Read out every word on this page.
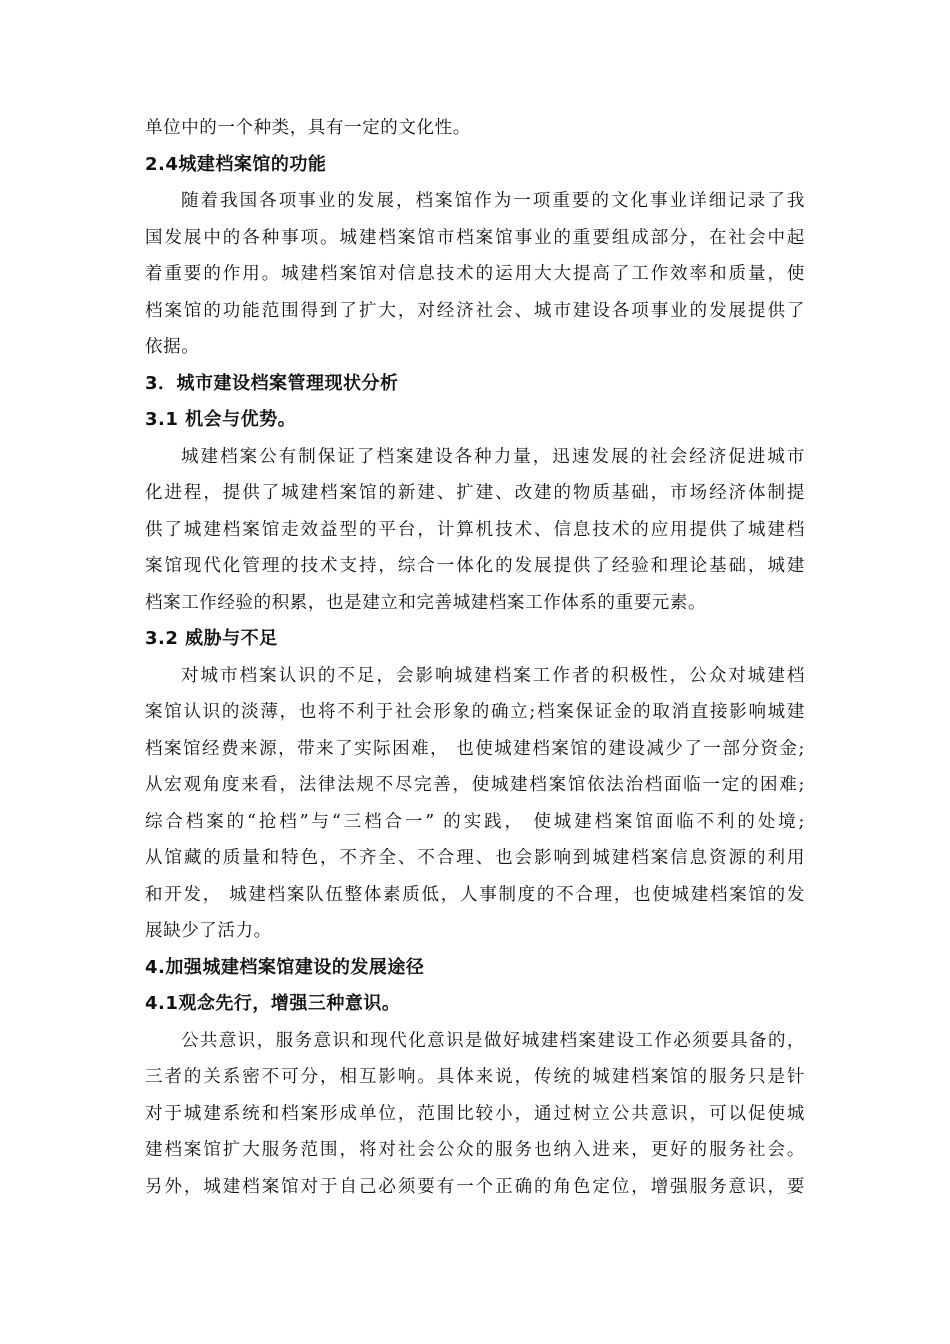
单位中的一个种类，具有一定的文化性。
2.4城建档案馆的功能
随着我国各项事业的发展，档案馆作为一项重要的文化事业详细记录了我
国发展中的各种事项。城建档案馆市档案馆事业的重要组成部分，在社会中起
着重要的作用。城建档案馆对信息技术的运用大大提高了工作效率和质量，使
档案馆的功能范围得到了扩大，对经济社会、城市建设各项事业的发展提供了
依据。
3．城市建设档案管理现状分析
3.1 机会与优势。
城建档案公有制保证了档案建设各种力量，迅速发展的社会经济促进城市
化进程，提供了城建档案馆的新建、扩建、改建的物质基础，市场经济体制提
供了城建档案馆走效益型的平台，计算机技术、信息技术的应用提供了城建档
案馆现代化管理的技术支持，综合一体化的发展提供了经验和理论基础，城建
档案工作经验的积累，也是建立和完善城建档案工作体系的重要元素。
3.2 威胁与不足
对城市档案认识的不足，会影响城建档案工作者的积极性，公众对城建档
案馆认识的淡薄，也将不利于社会形象的确立;档案保证金的取消直接影响城建
档案馆经费来源，带来了实际困难， 也使城建档案馆的建设减少了一部分资金;
从宏观角度来看，法律法规不尽完善，使城建档案馆依法治档面临一定的困难;
综合档案的“抢档”与“三档合一” 的实践， 使城建档案馆面临不利的处境;
从馆藏的质量和特色，不齐全、不合理、也会影响到城建档案信息资源的利用
和开发， 城建档案队伍整体素质低，人事制度的不合理，也使城建档案馆的发
展缺少了活力。
4.加强城建档案馆建设的发展途径
4.1观念先行，增强三种意识。
公共意识，服务意识和现代化意识是做好城建档案建设工作必须要具备的，
三者的关系密不可分，相互影响。具体来说，传统的城建档案馆的服务只是针
对于城建系统和档案形成单位，范围比较小，通过树立公共意识，可以促使城
建档案馆扩大服务范围，将对社会公众的服务也纳入进来，更好的服务社会。
另外，城建档案馆对于自己必须要有一个正确的角色定位，增强服务意识，要
